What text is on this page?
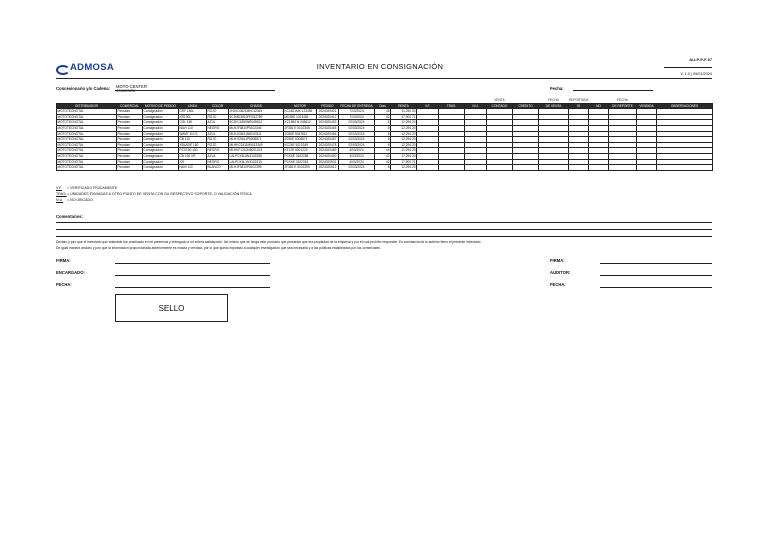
ADMOSA	INVENTARIO EN CONSIGNACIÓN
AI-LP-P-F-07
V. 1.0 | 09/01/2024
Concesionario y/o Cadena: MOTO CENTER
CONCESIÓN	Fecha:
														VENTA		FECHA	REPORTADA		FECHA		
DISTRIBUIDOR	COMERCIAL	MOTIVO DE PEDIDO	LÍNEA	COLOR	CHASIS	MOTOR	PEDIDO	FECHA DE ENTREGA	Días	RENTA	V.F.	TRAS.	N.U.	CONTADO	CRÉDITO	DE VENTA	SÍ	NO	DE REPORTE	VENDIDA	OBSERVACIONES
MOTOTECNOTAL	Pinoolan	Consignación	CRF 150L	ROJO	JH2KC0821MK012345	KC0821MK 123456	2024020401	7/03/2024	45	11,250.00											
MOTOTECNOTAL	Pinoolan	Consignación	XR190L	ROJO	9C2MD3810PR012789	MD38E 1023456	2024020412	7/03/2024	42	17,900.71											
MOTOTECNOTAL	Pinoolan	Consignación	CGL 150	AZUL	9C2KC1850NR045612	KC1850 N 045612	2024020433	02/03/2024	8	12,294.20											
MOTOTECNOTAL	Pinoolan	Consignación	NAVI 110	NEGRO	MLHJF3810P5102345	JF381 E 5102345	2024020445	02/03/2024	8	12,294.20											
MOTOTECNOTAL	Pinoolan	Consignación	WAVE 110 S	AZUL	MLHJC8611N5047811	JC86E 5047811	2024020456	02/03/2024	8	12,294.20											
MOTOTECNOTAL	Pinoolan	Consignación	CB 110	ROJO	MLHJC9611P5008871	JC96E 5008871	2024020467	02/03/2024	8	12,294.20											
MOTOTECNOTAL	Pinoolan	Consignación	XBLADE 160	ROJO	MLHKC2411M5013349	KC24E 5013349	2024020478	02/03/2024	8	12,294.20											
MOTOTECNOTAL	Pinoolan	Consignación	PCX150 150	NEGRO	MLHKF1210N5001223	KF12E 5001223	2024020489	4/03/2024	44	11,294.20											
MOTOTECNOTAL	Pinoolan	Consignación	CB 190 XR	AZUL	LALPCK6L8N3102288	PCK6E 3102288	2024020490	4/03/2024	42	17,294.20											
MOTOTECNOTAL	Pinoolan	Consignación	XR	NEGRO	LALPCK6L1N3102315	PCK6E 3102315	2024020501	4/03/2024	42	17,900.71											
MOTOTECNOTAL	Pinoolan	Consignación	NAVI 110	BLANCO	MLHJF3810P5102399	JF381 E 5102399	2024020512	02/03/2024	8	12,294.20											
V.F. = VERIFICADO FÍSICAMENTE
TRAS. = UNIDADES ENVIADAS A OTRO PUNTO DE VENTA CON SU RESPECTIVO SOPORTE, O VALIDACIÓN FÍSICA
N.U. = NO UBICADO.
Comentarios:
Declaro y juro que el inventario que antecede fue practicado en mi presencia y entregado a mi entera satisfacción. Así mismo que se tenga este producto que presentar que era propiedad de la empresa y por el cual prohíbo responder. En constancia de lo anterior firmo el presente inventario.
De igual manera declaro y juro que la información proporcionada anteriormente es exacta y verídica, por lo que quedo expuesto a cualquier investigación que sea necesaria y a las políticas establecidas por los comerciales.
FIRMA:
ENCARGADO:
FECHA:
FIRMA:
AUDITOR:
FECHA:
SELLO
